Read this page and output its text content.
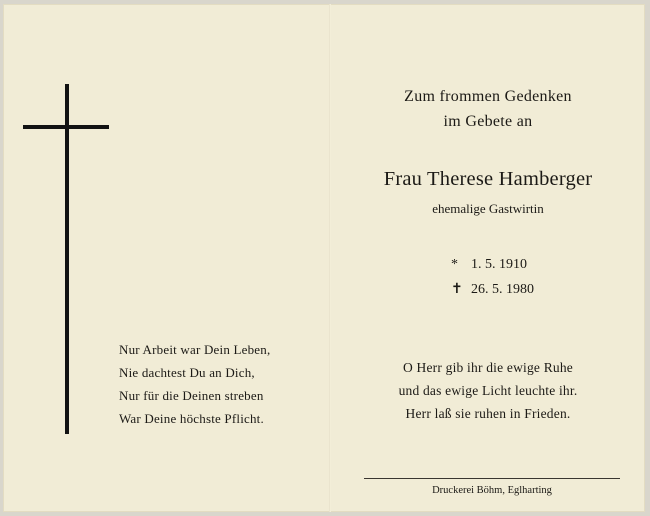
Nur Arbeit war Dein Leben,
Nie dachtest Du an Dich,
Nur für die Deinen streben
War Deine höchste Pflicht.
Zum frommen Gedenken
im Gebete an
Frau Therese Hamberger
ehemalige Gastwirtin
* 1. 5. 1910
✝ 26. 5. 1980
O Herr gib ihr die ewige Ruhe
und das ewige Licht leuchte ihr.
Herr laß sie ruhen in Frieden.
Druckerei Böhm, Eglharting
